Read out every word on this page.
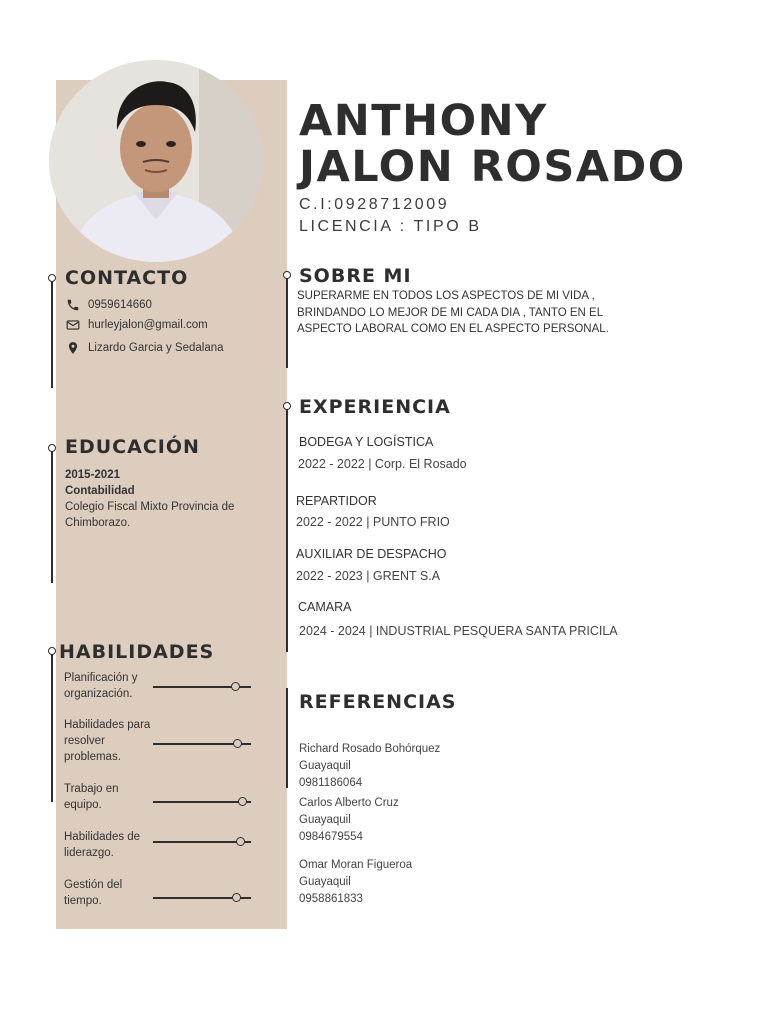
ANTHONY
JALON ROSADO
C.I:0928712009
LICENCIA : TIPO B
CONTACTO
0959614660
hurleyjalon@gmail.com
Lizardo Garcia y Sedalana
EDUCACIÓN
2015-2021
Contabilidad
Colegio Fiscal Mixto Provincia de Chimborazo.
HABILIDADES
Planificación y organización.
Habilidades para resolver problemas.
Trabajo en equipo.
Habilidades de liderazgo.
Gestión del tiempo.
SOBRE MI
SUPERARME EN TODOS LOS ASPECTOS DE MI VIDA , BRINDANDO LO MEJOR DE MI CADA DIA , TANTO EN EL ASPECTO LABORAL COMO EN EL ASPECTO PERSONAL.
EXPERIENCIA
BODEGA Y LOGÍSTICA
2022 - 2022 | Corp. El Rosado
REPARTIDOR
2022 - 2022 | PUNTO FRIO
AUXILIAR DE DESPACHO
2022 - 2023 | GRENT S.A
CAMARA
2024 - 2024 | INDUSTRIAL PESQUERA SANTA PRICILA
REFERENCIAS
Richard Rosado Bohórquez
Guayaquil
0981186064
Carlos Alberto Cruz
Guayaquil
0984679554
Omar Moran Figueroa
Guayaquil
0958861833
